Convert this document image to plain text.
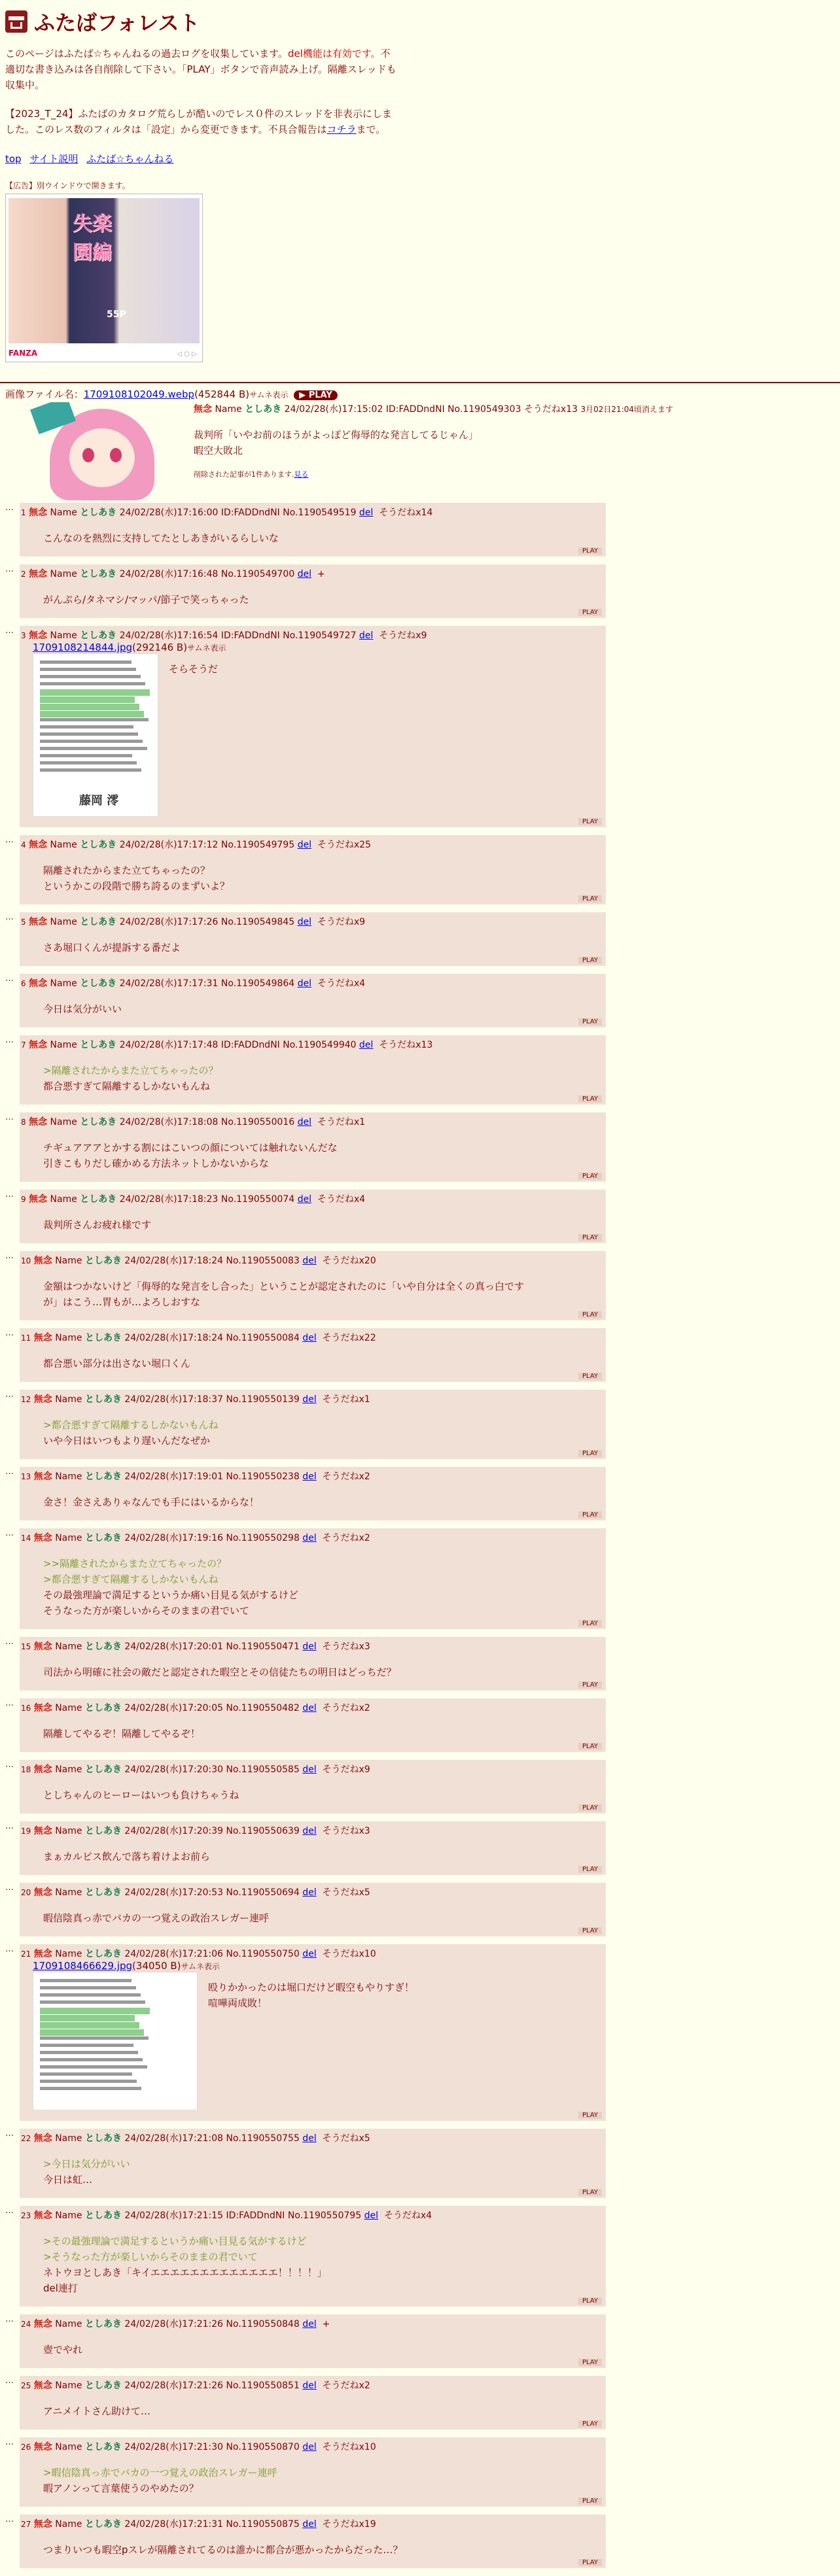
ふたばフォレスト
このページはふたば☆ちゃんねるの過去ログを収集しています。del機能は有効です。不適切な書き込みは各自削除して下さい。「PLAY」ボタンで音声読み上げ。隔離スレッドも収集中。
【2023_T_24】ふたばのカタログ荒らしが酷いのでレス０件のスレッドを非表示にしました。このレス数のフィルタは「設定」から変更できます。不具合報告はコチラまで。
top サイト説明 ふたば☆ちゃんねる
【広告】別ウインドウで開きます。
失楽園編
55P
FANZA	◁ ○ ▷
画像ファイル名：1709108102049.webp(452844 B)サムネ表示 ▶ PLAY
無念 Name としあき 24/02/28(水)17:15:02 ID:FADDndNI No.1190549303 そうだねx13 3月02日21:04頃消えます
裁判所「いやお前のほうがよっぽど侮辱的な発言してるじゃん」
暇空大敗北
削除された記事が1件あります.見る
… 1 無念 Name としあき 24/02/28(水)17:16:00 ID:FADDndNI No.1190549519 del そうだねx14
こんなのを熱烈に支持してたとしあきがいるらしいな
PLAY
… 2 無念 Name としあき 24/02/28(水)17:16:48 No.1190549700 del +
がんぷら/タネマシ/マッパ/節子で笑っちゃった
PLAY
… 3 無念 Name としあき 24/02/28(水)17:16:54 ID:FADDndNI No.1190549727 del そうだねx9
1709108214844.jpg(292146 B)サムネ表示
藤岡 澪
そらそうだ
PLAY
… 4 無念 Name としあき 24/02/28(水)17:17:12 No.1190549795 del そうだねx25
隔離されたからまた立てちゃったの？
というかこの段階で勝ち誇るのまずいよ？
PLAY
… 5 無念 Name としあき 24/02/28(水)17:17:26 No.1190549845 del そうだねx9
さあ堀口くんが提訴する番だよ
PLAY
… 6 無念 Name としあき 24/02/28(水)17:17:31 No.1190549864 del そうだねx4
今日は気分がいい
PLAY
… 7 無念 Name としあき 24/02/28(水)17:17:48 ID:FADDndNI No.1190549940 del そうだねx13
>隔離されたからまた立てちゃったの？
都合悪すぎて隔離するしかないもんね
PLAY
… 8 無念 Name としあき 24/02/28(水)17:18:08 No.1190550016 del そうだねx1
チギュアアアとかする割にはこいつの顔については触れないんだな
引きこもりだし確かめる方法ネットしかないからな
PLAY
… 9 無念 Name としあき 24/02/28(水)17:18:23 No.1190550074 del そうだねx4
裁判所さんお疲れ様です
PLAY
… 10 無念 Name としあき 24/02/28(水)17:18:24 No.1190550083 del そうだねx20
金額はつかないけど「侮辱的な発言をし合った」ということが認定されたのに「いや自分は全くの真っ白です
が」はこう…胃もが…よろしおすな
PLAY
… 11 無念 Name としあき 24/02/28(水)17:18:24 No.1190550084 del そうだねx22
都合悪い部分は出さない堀口くん
PLAY
… 12 無念 Name としあき 24/02/28(水)17:18:37 No.1190550139 del そうだねx1
>都合悪すぎて隔離するしかないもんね
いや今日はいつもより遅いんだなぜか
PLAY
… 13 無念 Name としあき 24/02/28(水)17:19:01 No.1190550238 del そうだねx2
金さ！金さえありゃなんでも手にはいるからな！
PLAY
… 14 無念 Name としあき 24/02/28(水)17:19:16 No.1190550298 del そうだねx2
>>隔離されたからまた立てちゃったの？
>都合悪すぎて隔離するしかないもんね
その最強理論で満足するというか痛い目見る気がするけど
そうなった方が楽しいからそのままの君でいて
PLAY
… 15 無念 Name としあき 24/02/28(水)17:20:01 No.1190550471 del そうだねx3
司法から明確に社会の敵だと認定された暇空とその信徒たちの明日はどっちだ？
PLAY
… 16 無念 Name としあき 24/02/28(水)17:20:05 No.1190550482 del そうだねx2
隔離してやるぞ！隔離してやるぞ！
PLAY
… 18 無念 Name としあき 24/02/28(水)17:20:30 No.1190550585 del そうだねx9
としちゃんのヒーローはいつも負けちゃうね
PLAY
… 19 無念 Name としあき 24/02/28(水)17:20:39 No.1190550639 del そうだねx3
まぁカルピス飲んで落ち着けよお前ら
PLAY
… 20 無念 Name としあき 24/02/28(水)17:20:53 No.1190550694 del そうだねx5
暇信陰真っ赤でバカの一つ覚えの政治スレガー連呼
PLAY
… 21 無念 Name としあき 24/02/28(水)17:21:06 No.1190550750 del そうだねx10
1709108466629.jpg(34050 B)サムネ表示
殴りかかったのは堀口だけど暇空もやりすぎ！
喧嘩両成敗！
PLAY
… 22 無念 Name としあき 24/02/28(水)17:21:08 No.1190550755 del そうだねx5
>今日は気分がいい
今日は虹…
PLAY
… 23 無念 Name としあき 24/02/28(水)17:21:15 ID:FADDndNI No.1190550795 del そうだねx4
>その最強理論で満足するというか痛い目見る気がするけど
>そうなった方が楽しいからそのままの君でいて
ネトウヨとしあき「キイエエエエエエエエエエエエエ！！！！」
del連打
PLAY
… 24 無念 Name としあき 24/02/28(水)17:21:26 No.1190550848 del +
壺でやれ
PLAY
… 25 無念 Name としあき 24/02/28(水)17:21:26 No.1190550851 del そうだねx2
アニメイトさん助けて…
PLAY
… 26 無念 Name としあき 24/02/28(水)17:21:30 No.1190550870 del そうだねx10
>暇信陰真っ赤でバカの一つ覚えの政治スレガー連呼
暇アノンって言葉使うのやめたの？
PLAY
… 27 無念 Name としあき 24/02/28(水)17:21:31 No.1190550875 del そうだねx19
つまりいつも暇空pスレが隔離されてるのは誰かに都合が悪かったからだった…？
PLAY
